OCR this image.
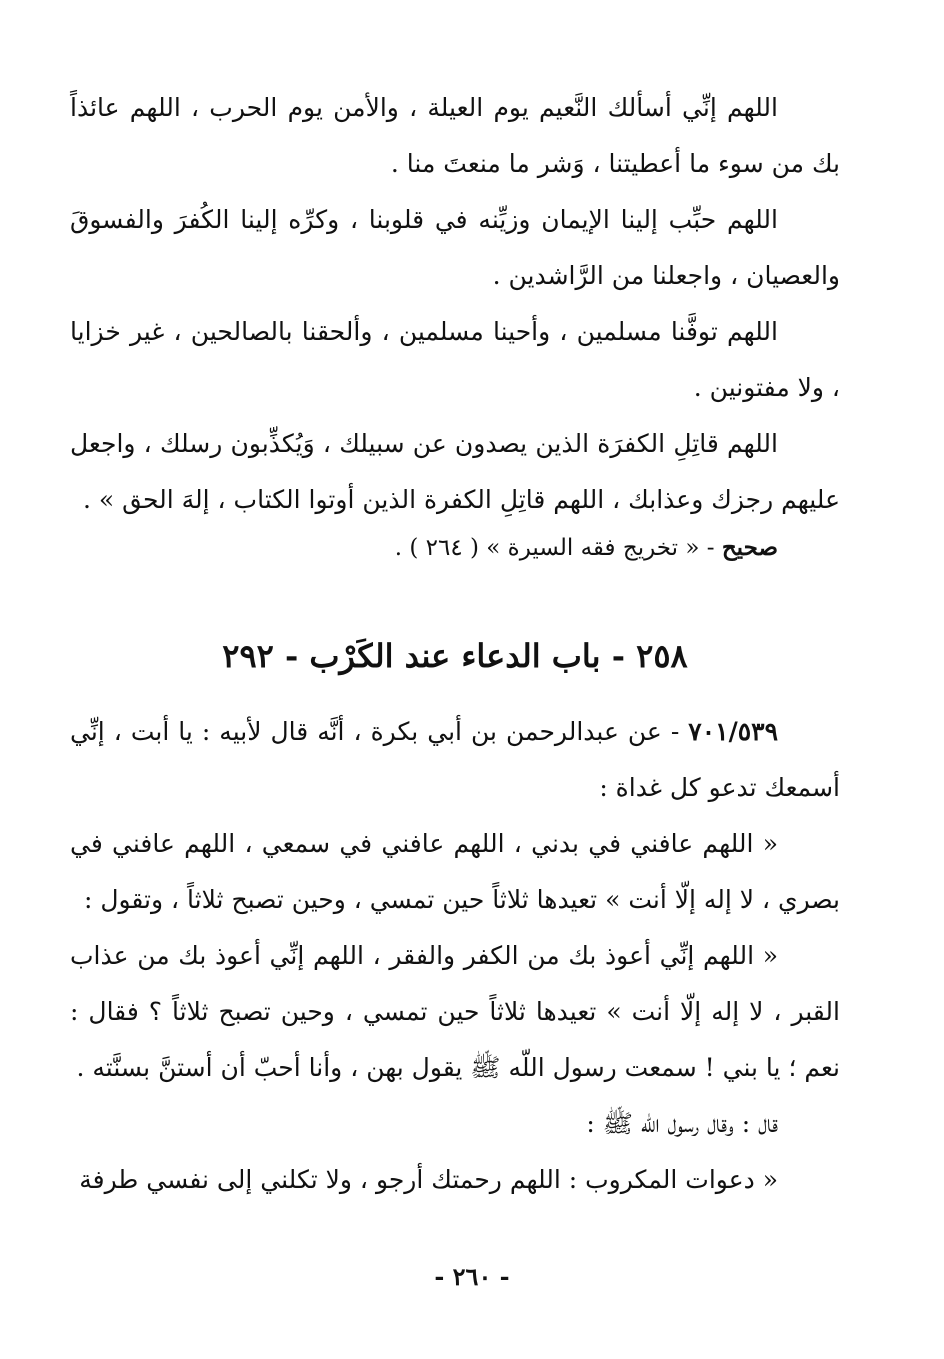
اللهم إنِّي أسألك النَّعيم يوم العيلة ، والأمن يوم الحرب ، اللهم عائذاً بك من سوء ما أعطيتنا ، وَشر ما منعتَ منا .

اللهم حبِّب إلينا الإيمان وزيِّنه في قلوبنا ، وكرِّه إلينا الكُفرَ والفسوقَ والعصيان ، واجعلنا من الرَّاشدين .

اللهم توفَّنا مسلمين ، وأحينا مسلمين ، وألحقنا بالصالحين ، غير خزايا ، ولا مفتونين .

اللهم قاتِلِ الكفرَة الذين يصدون عن سبيلك ، وَيُكذِّبون رسلك ، واجعل عليهم رجزك وعذابك ، اللهم قاتِلِ الكفرة الذين أوتوا الكتاب ، إلهَ الحق » .

صحيح - « تخريج فقه السيرة » ( ٢٦٤ ) .

٢٥٨ - باب الدعاء عند الكَرْب - ٢٩٢

٧٠١/٥٣٩ - عن عبدالرحمن بن أبي بكرة ، أنَّه قال لأبيه : يا أبت ، إنِّي أسمعك تدعو كل غداة :

« اللهم عافني في بدني ، اللهم عافني في سمعي ، اللهم عافني في بصري ، لا إله إلّا أنت » تعيدها ثلاثاً حين تمسي ، وحين تصبح ثلاثاً ، وتقول :

« اللهم إنِّي أعوذ بك من الكفر والفقر ، اللهم إنِّي أعوذ بك من عذاب القبر ، لا إله إلّا أنت » تعيدها ثلاثاً حين تمسي ، وحين تصبح ثلاثاً ؟ فقال : نعم ؛ يا بني ! سمعت رسول اللّه ﷺ يقول بهن ، وأنا أحبّ أن أستنَّ بسنَّته .

قال : وقال رسول اللّه ﷺ :

« دعوات المكروب : اللهم رحمتك أرجو ، ولا تكلني إلى نفسي طرفة

- ٢٦٠ -
